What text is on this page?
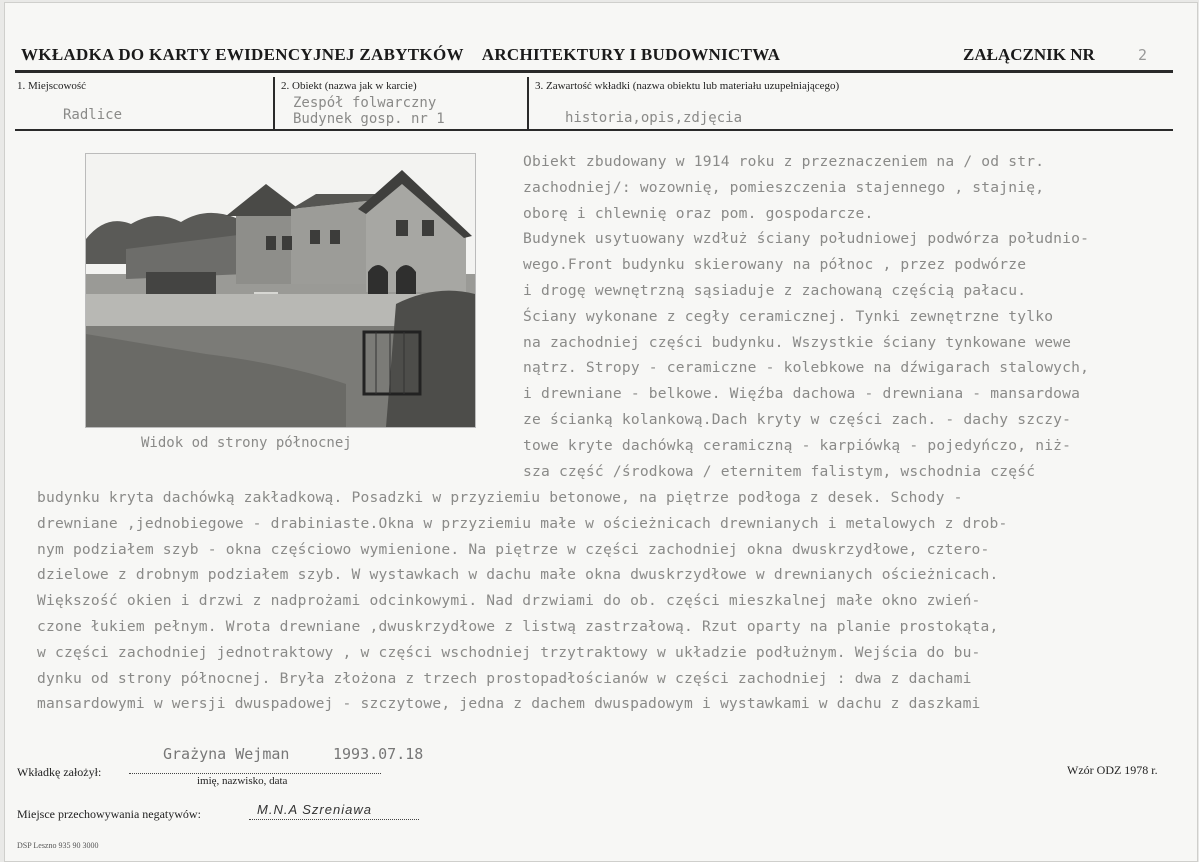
WKŁADKA DO KARTY EWIDENCYJNEJ ZABYTKÓW ARCHITEKTURY I BUDOWNICTWA	ZAŁĄCZNIK NR	2
1. Miejscowość
Radlice
2. Obiekt (nazwa jak w karcie)
Zespół folwarczny
Budynek gosp. nr 1
3. Zawartość wkładki (nazwa obiektu lub materiału uzupełniającego)
historia,opis,zdjęcia
Widok od strony północnej
Obiekt zbudowany w 1914 roku z przeznaczeniem na / od str.
zachodniej/: wozownię, pomieszczenia stajennego , stajnię,
oborę i chlewnię oraz pom. gospodarcze.
Budynek usytuowany wzdłuż ściany południowej podwórza południo-
wego.Front budynku skierowany na północ , przez podwórze
i drogę wewnętrzną sąsiaduje z zachowaną częścią pałacu.
Ściany wykonane z cegły ceramicznej. Tynki zewnętrzne tylko
na zachodniej części budynku. Wszystkie ściany tynkowane wewe
nątrz. Stropy - ceramiczne - kolebkowe na dźwigarach stalowych,
i drewniane - belkowe. Więźba dachowa - drewniana - mansardowa
ze ścianką kolankową.Dach kryty w części zach. - dachy szczy-
towe kryte dachówką ceramiczną - karpiówką - pojedyńczo, niż-
sza część /środkowa / eternitem falistym, wschodnia część
budynku kryta dachówką zakładkową. Posadzki w przyziemiu betonowe, na piętrze podłoga z desek. Schody -
drewniane ,jednobiegowe - drabiniaste.Okna w przyziemiu małe w ościeżnicach drewnianych i metalowych z drob-
nym podziałem szyb - okna częściowo wymienione. Na piętrze w części zachodniej okna dwuskrzydłowe, cztero-
dzielowe z drobnym podziałem szyb. W wystawkach w dachu małe okna dwuskrzydłowe w drewnianych ościeżnicach.
Większość okien i drzwi z nadprożami odcinkowymi. Nad drzwiami do ob. części mieszkalnej małe okno zwień-
czone łukiem pełnym. Wrota drewniane ,dwuskrzydłowe z listwą zastrzałową. Rzut oparty na planie prostokąta,
w części zachodniej jednotraktowy , w części wschodniej trzytraktowy w układzie podłużnym. Wejścia do bu-
dynku od strony północnej. Bryła złożona z trzech prostopadłościanów w części zachodniej : dwa z dachami
mansardowymi w wersji dwuspadowej - szczytowe, jedna z dachem dwuspadowym i wystawkami w dachu z daszkami
Wkładkę założył:
Grażyna Wejman	1993.07.18
imię, nazwisko, data
Wzór ODZ 1978 r.
Miejsce przechowywania negatywów:	M.N.A Szreniawa
DSP Leszno 935 90 3000
